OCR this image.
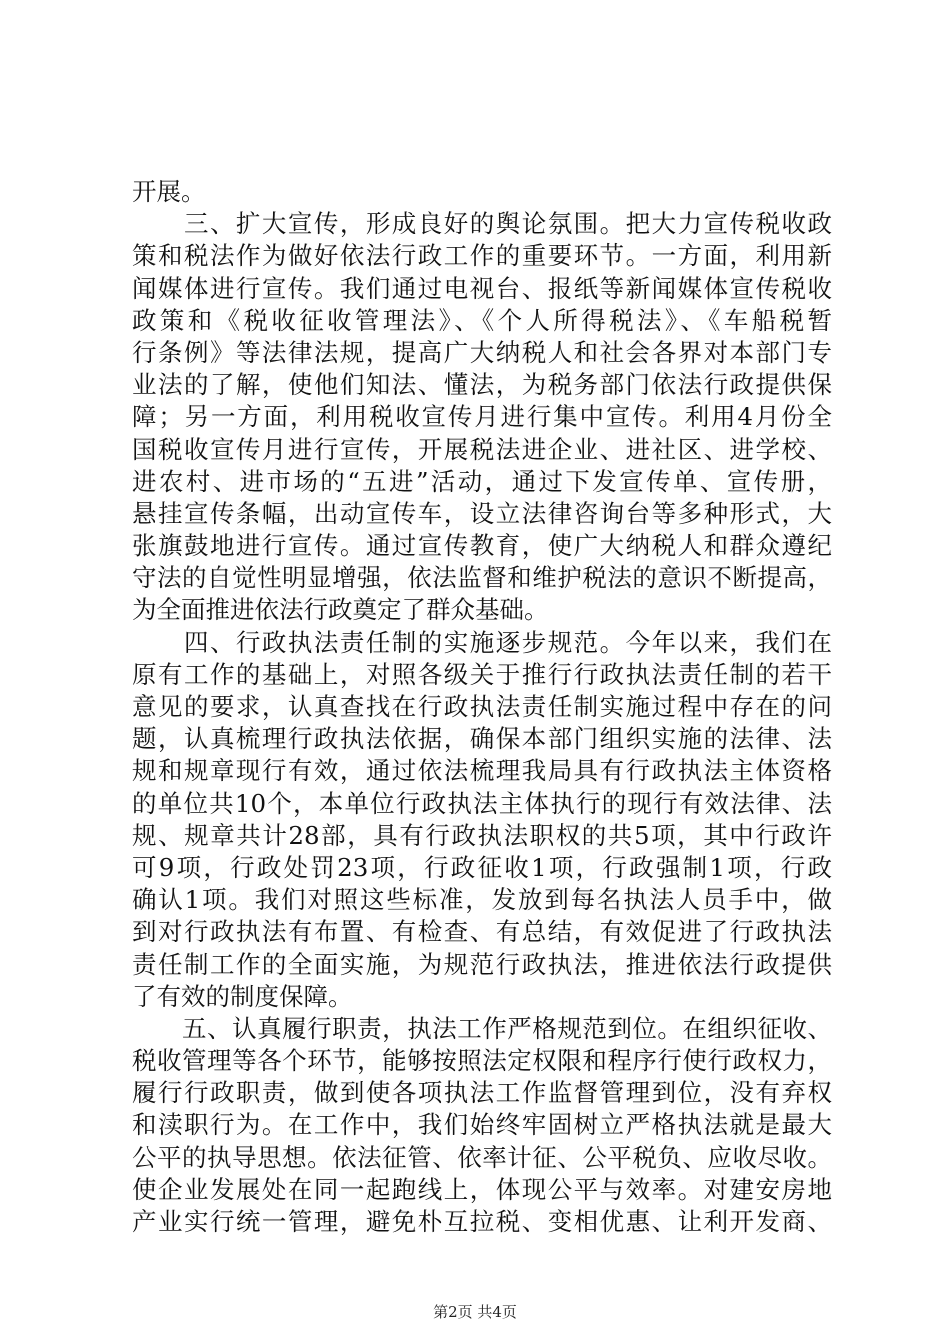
开展。
　　三、扩大宣传，形成良好的舆论氛围。把大力宣传税收政
策和税法作为做好依法行政工作的重要环节。一方面，利用新
闻媒体进行宣传。我们通过电视台、报纸等新闻媒体宣传税收
政策和《税收征收管理法》、《个人所得税法》、《车船税暂
行条例》等法律法规，提高广大纳税人和社会各界对本部门专
业法的了解，使他们知法、懂法，为税务部门依法行政提供保
障；另一方面，利用税收宣传月进行集中宣传。利用4月份全
国税收宣传月进行宣传，开展税法进企业、进社区、进学校、
进农村、进市场的“五进”活动，通过下发宣传单、宣传册，
悬挂宣传条幅，出动宣传车，设立法律咨询台等多种形式，大
张旗鼓地进行宣传。通过宣传教育，使广大纳税人和群众遵纪
守法的自觉性明显增强，依法监督和维护税法的意识不断提高，
为全面推进依法行政奠定了群众基础。
　　四、行政执法责任制的实施逐步规范。今年以来，我们在
原有工作的基础上，对照各级关于推行行政执法责任制的若干
意见的要求，认真查找在行政执法责任制实施过程中存在的问
题，认真梳理行政执法依据，确保本部门组织实施的法律、法
规和规章现行有效，通过依法梳理我局具有行政执法主体资格
的单位共10个，本单位行政执法主体执行的现行有效法律、法
规、规章共计28部，具有行政执法职权的共5项，其中行政许
可9项，行政处罚23项，行政征收1项，行政强制1项，行政
确认1项。我们对照这些标准，发放到每名执法人员手中，做
到对行政执法有布置、有检查、有总结，有效促进了行政执法
责任制工作的全面实施，为规范行政执法，推进依法行政提供
了有效的制度保障。
　　五、认真履行职责，执法工作严格规范到位。在组织征收、
税收管理等各个环节，能够按照法定权限和程序行使行政权力，
履行行政职责，做到使各项执法工作监督管理到位，没有弃权
和渎职行为。在工作中，我们始终牢固树立严格执法就是最大
公平的执导思想。依法征管、依率计征、公平税负、应收尽收。
使企业发展处在同一起跑线上，体现公平与效率。对建安房地
产业实行统一管理，避免朴互拉税、变相优惠、让利开发商、
第2页 共4页
